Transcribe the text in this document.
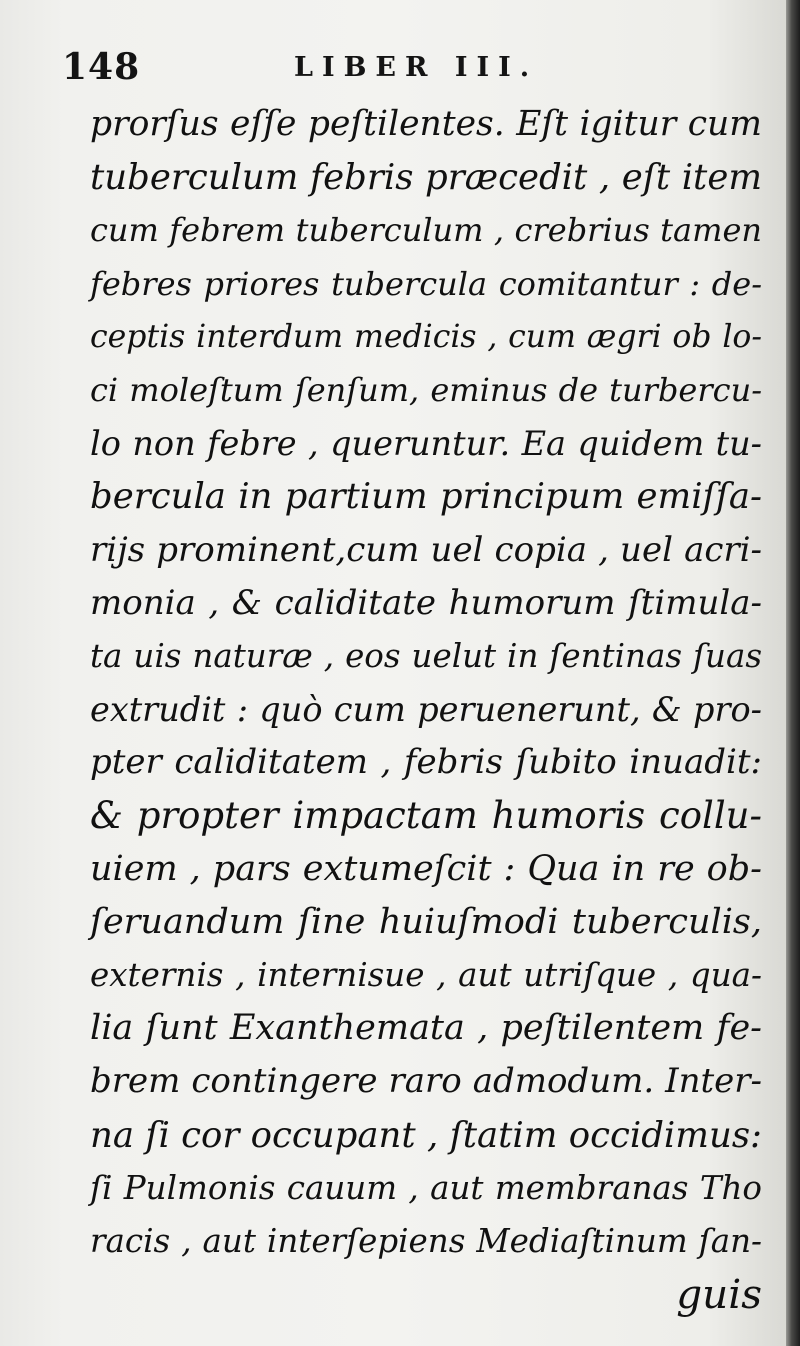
148	LIBER III.
prorſus eſſe peſtilentes. Eſt igitur cum
tuberculum febris præcedit , eſt item
cum febrem tuberculum , crebrius tamen
febres priores tubercula comitantur : de-
ceptis interdum medicis , cum ægri ob lo-
ci moleſtum ſenſum, eminus de turbercu-
lo non febre , queruntur. Ea quidem tu-
bercula in partium principum emiſſa-
rijs prominent,cum uel copia , uel acri-
monia , & caliditate humorum ſtimula-
ta uis naturæ , eos uelut in ſentinas ſuas
extrudit : quò cum peruenerunt, & pro-
pter caliditatem , febris ſubito inuadit:
& propter impactam humoris collu-
uiem , pars extumeſcit : Qua in re ob-
ſeruandum ſine huiuſmodi tuberculis,
externis , internisue , aut utriſque , qua-
lia ſunt Exanthemata , peſtilentem fe-
brem contingere raro admodum. Inter-
na ſi cor occupant , ſtatim occidimus:
ſi Pulmonis cauum , aut membranas Tho
racis , aut interſepiens Mediaſtinum ſan-
guis
